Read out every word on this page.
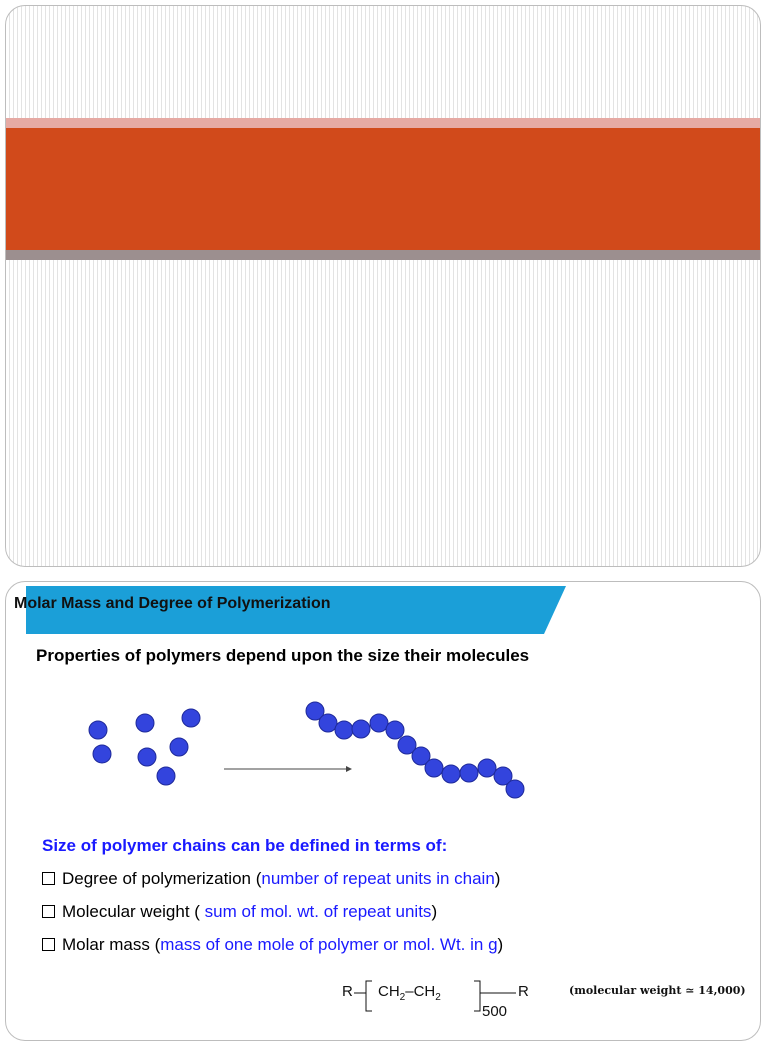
Molar Mass and Degree of Polymerization
Properties of polymers depend upon the size their molecules
Size of polymer chains can be defined in terms of:
Degree of polymerization (number of repeat units in chain)
Molecular weight ( sum of mol. wt. of repeat units)
Molar mass (mass of one mole of polymer or mol. Wt. in g)
R $CH_2-CH_2$
500
R	(molecular weight ≃ 14,000)
